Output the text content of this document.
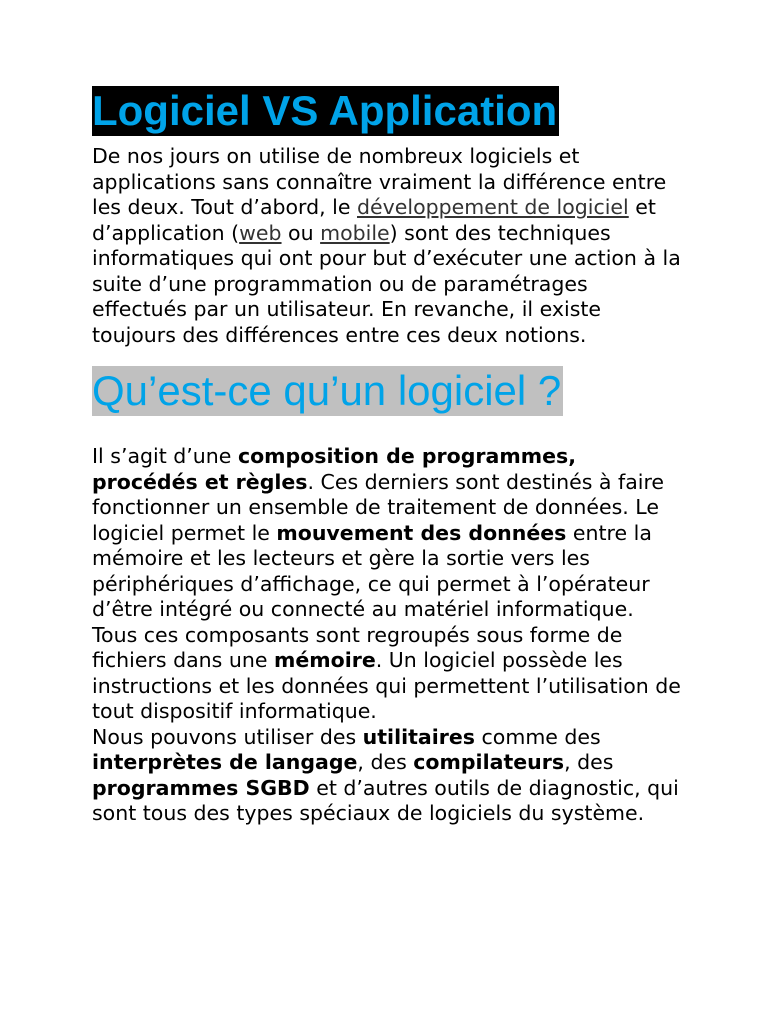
Logiciel VS Application
De nos jours on utilise de nombreux logiciels et applications sans connaître vraiment la différence entre les deux. Tout d’abord, le développement de logiciel et d’application (web ou mobile) sont des techniques informatiques qui ont pour but d’exécuter une action à la suite d’une programmation ou de paramétrages effectués par un utilisateur. En revanche, il existe toujours des différences entre ces deux notions.
Qu’est-ce qu’un logiciel ?
Il s’agit d’une composition de programmes, procédés et règles. Ces derniers sont destinés à faire fonctionner un ensemble de traitement de données. Le logiciel permet le mouvement des données entre la mémoire et les lecteurs et gère la sortie vers les périphériques d’affichage, ce qui permet à l’opérateur d’être intégré ou connecté au matériel informatique. Tous ces composants sont regroupés sous forme de fichiers dans une mémoire. Un logiciel possède les instructions et les données qui permettent l’utilisation de tout dispositif informatique.
Nous pouvons utiliser des utilitaires comme des interprètes de langage, des compilateurs, des programmes SGBD et d’autres outils de diagnostic, qui sont tous des types spéciaux de logiciels du système.
